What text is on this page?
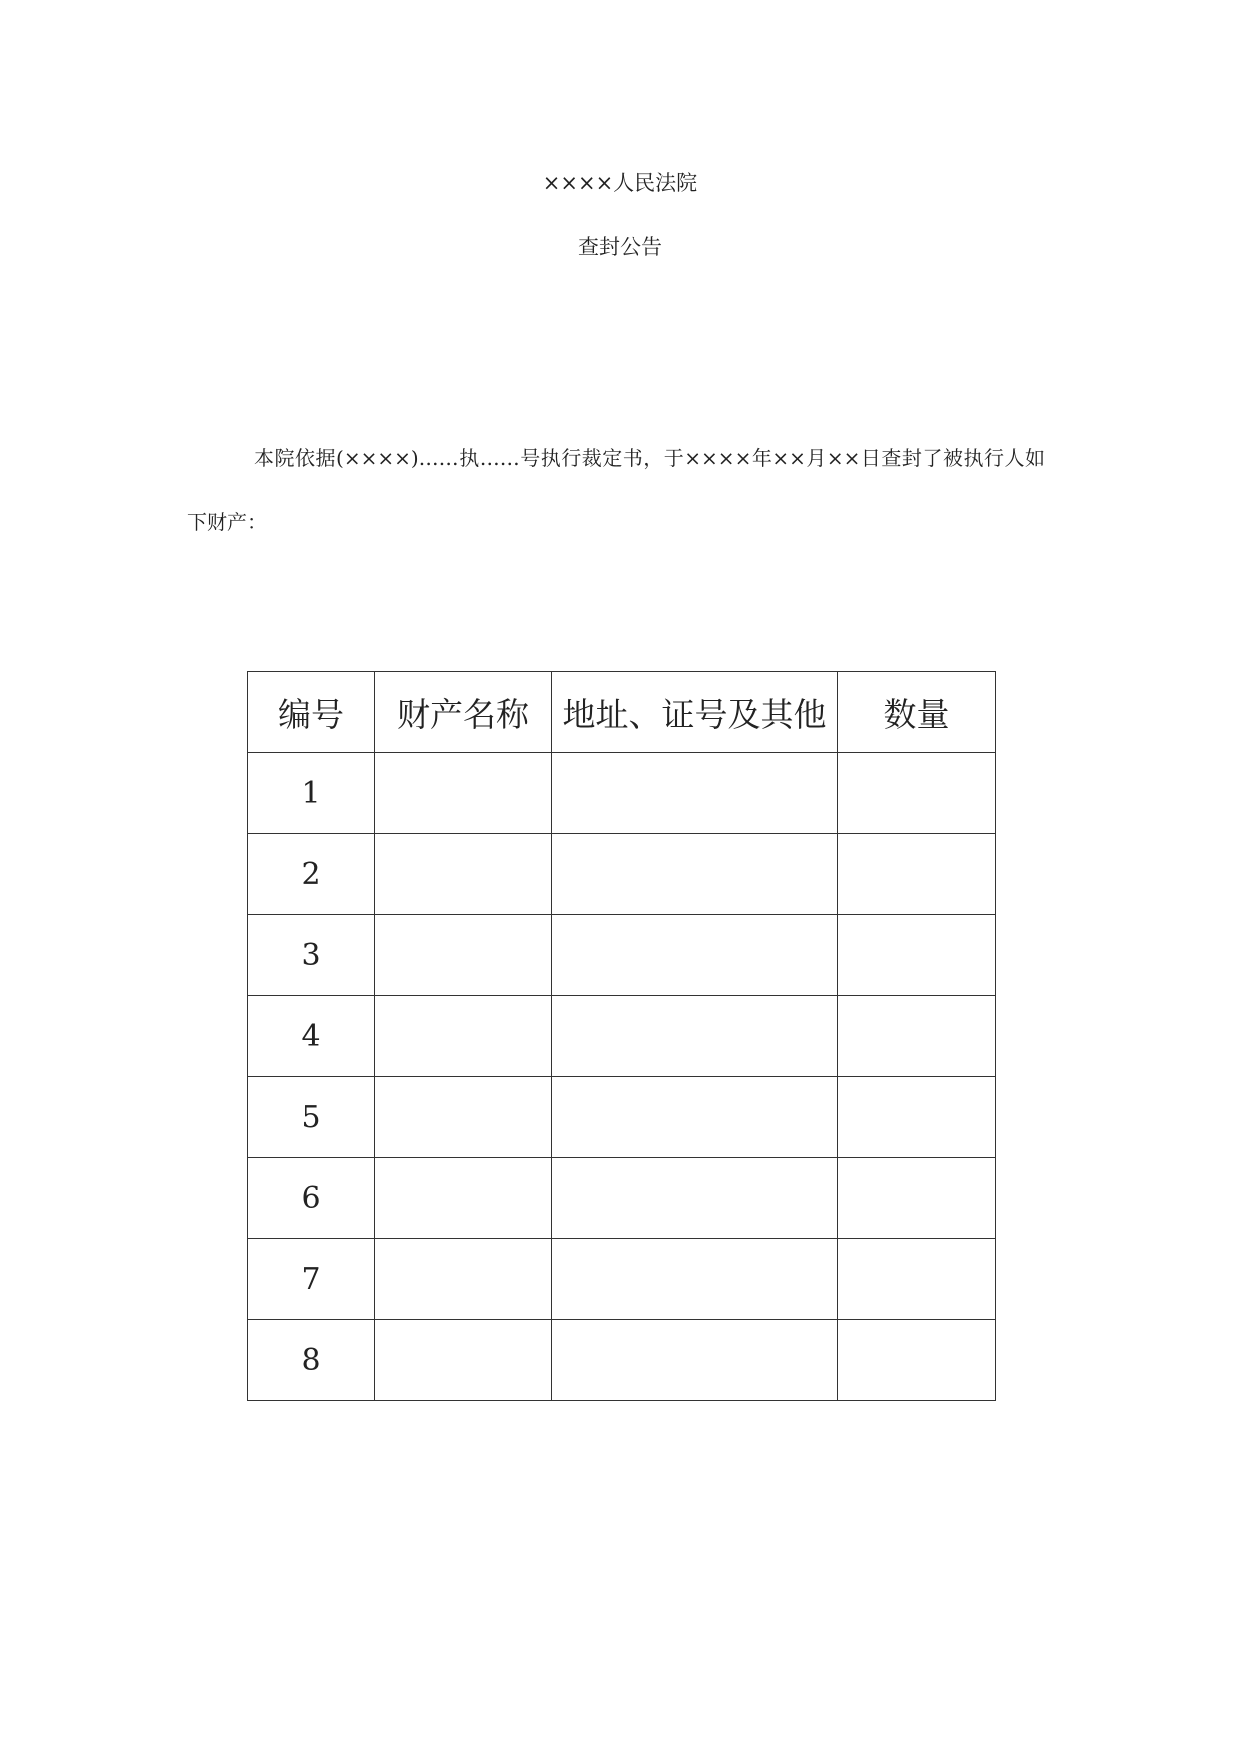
××××人民法院
查封公告
本院依据(××××)……执……号执行裁定书，于××××年××月××日查封了被执行人如下财产：
编号	财产名称	地址、证号及其他	数量
1			
2			
3			
4			
5			
6			
7			
8			
